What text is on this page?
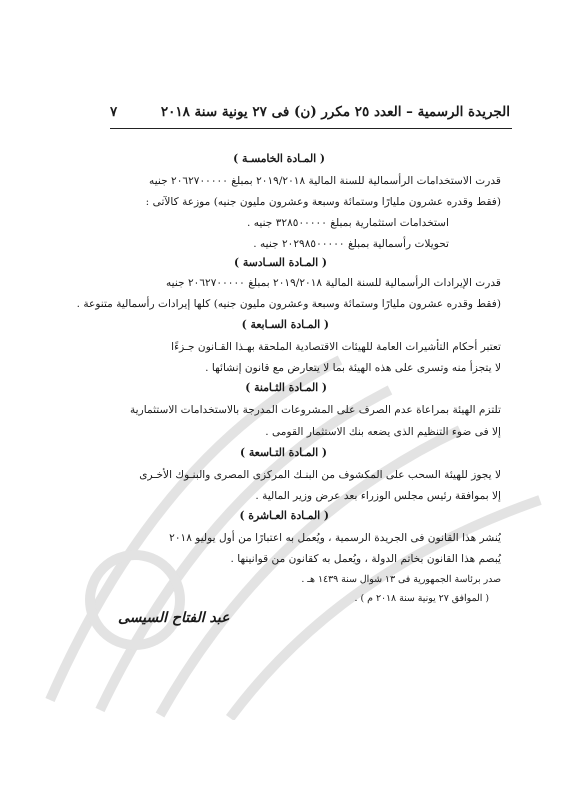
٧	الجريدة الرسمية – العدد ٢٥ مكرر (ن) فى ٢٧ يونية سنة ٢٠١٨
( المـادة الخامسـة )
قدرت الاستخدامات الرأسمالية للسنة المالية ٢٠١٩/٢٠١٨ بمبلغ ٢٠٦٢٧٠٠٠٠٠ جنيه
(فقط وقدره عشرون مليارًا وستمائة وسبعة وعشرون مليون جنيه) موزعة كالآتى :
استخدامات استثمارية بمبلغ ٣٢٨٥٠٠٠٠٠ جنيه .
تحويلات رأسمالية بمبلغ ٢٠٢٩٨٥٠٠٠٠٠ جنيه .
( المـادة السـادسة )
قدرت الإيرادات الرأسمالية للسنة المالية ٢٠١٩/٢٠١٨ بمبلغ ٢٠٦٢٧٠٠٠٠٠ جنيه
(فقط وقدره عشرون مليارًا وستمائة وسبعة وعشرون مليون جنيه) كلها إيرادات رأسمالية متنوعة .
( المـادة السـابعة )
تعتبر أحكام التأشيرات العامة للهيئات الاقتصادية الملحقة بهـذا القـانون جـزءًا
لا يتجزأ منه وتسرى على هذه الهيئة بما لا يتعارض مع قانون إنشائها .
( المـادة الثـامنة )
تلتزم الهيئة بمراعاة عدم الصرف على المشروعات المدرجة بالاستخدامات الاستثمارية
إلا فى ضوء التنظيم الذى يضعه بنك الاستثمار القومى .
( المـادة التـاسعة )
لا يجوز للهيئة السحب على المكشوف من البنـك المركزى المصرى والبنـوك الأخـرى
إلا بموافقة رئيس مجلس الوزراء بعد عرض وزير المالية .
( المـادة العـاشرة )
يُنشر هذا القانون فى الجريدة الرسمية ، ويُعمل به اعتبارًا من أول يوليو ٢٠١٨
يُبصم هذا القانون بخاتم الدولة ، ويُعمل به كقانون من قوانينها .
صدر برئاسة الجمهورية فى ١٣ شوال سنة ١٤٣٩ هـ .
( الموافق ٢٧ يونية سنة ٢٠١٨ م ) .
عبد الفتاح السيسى
